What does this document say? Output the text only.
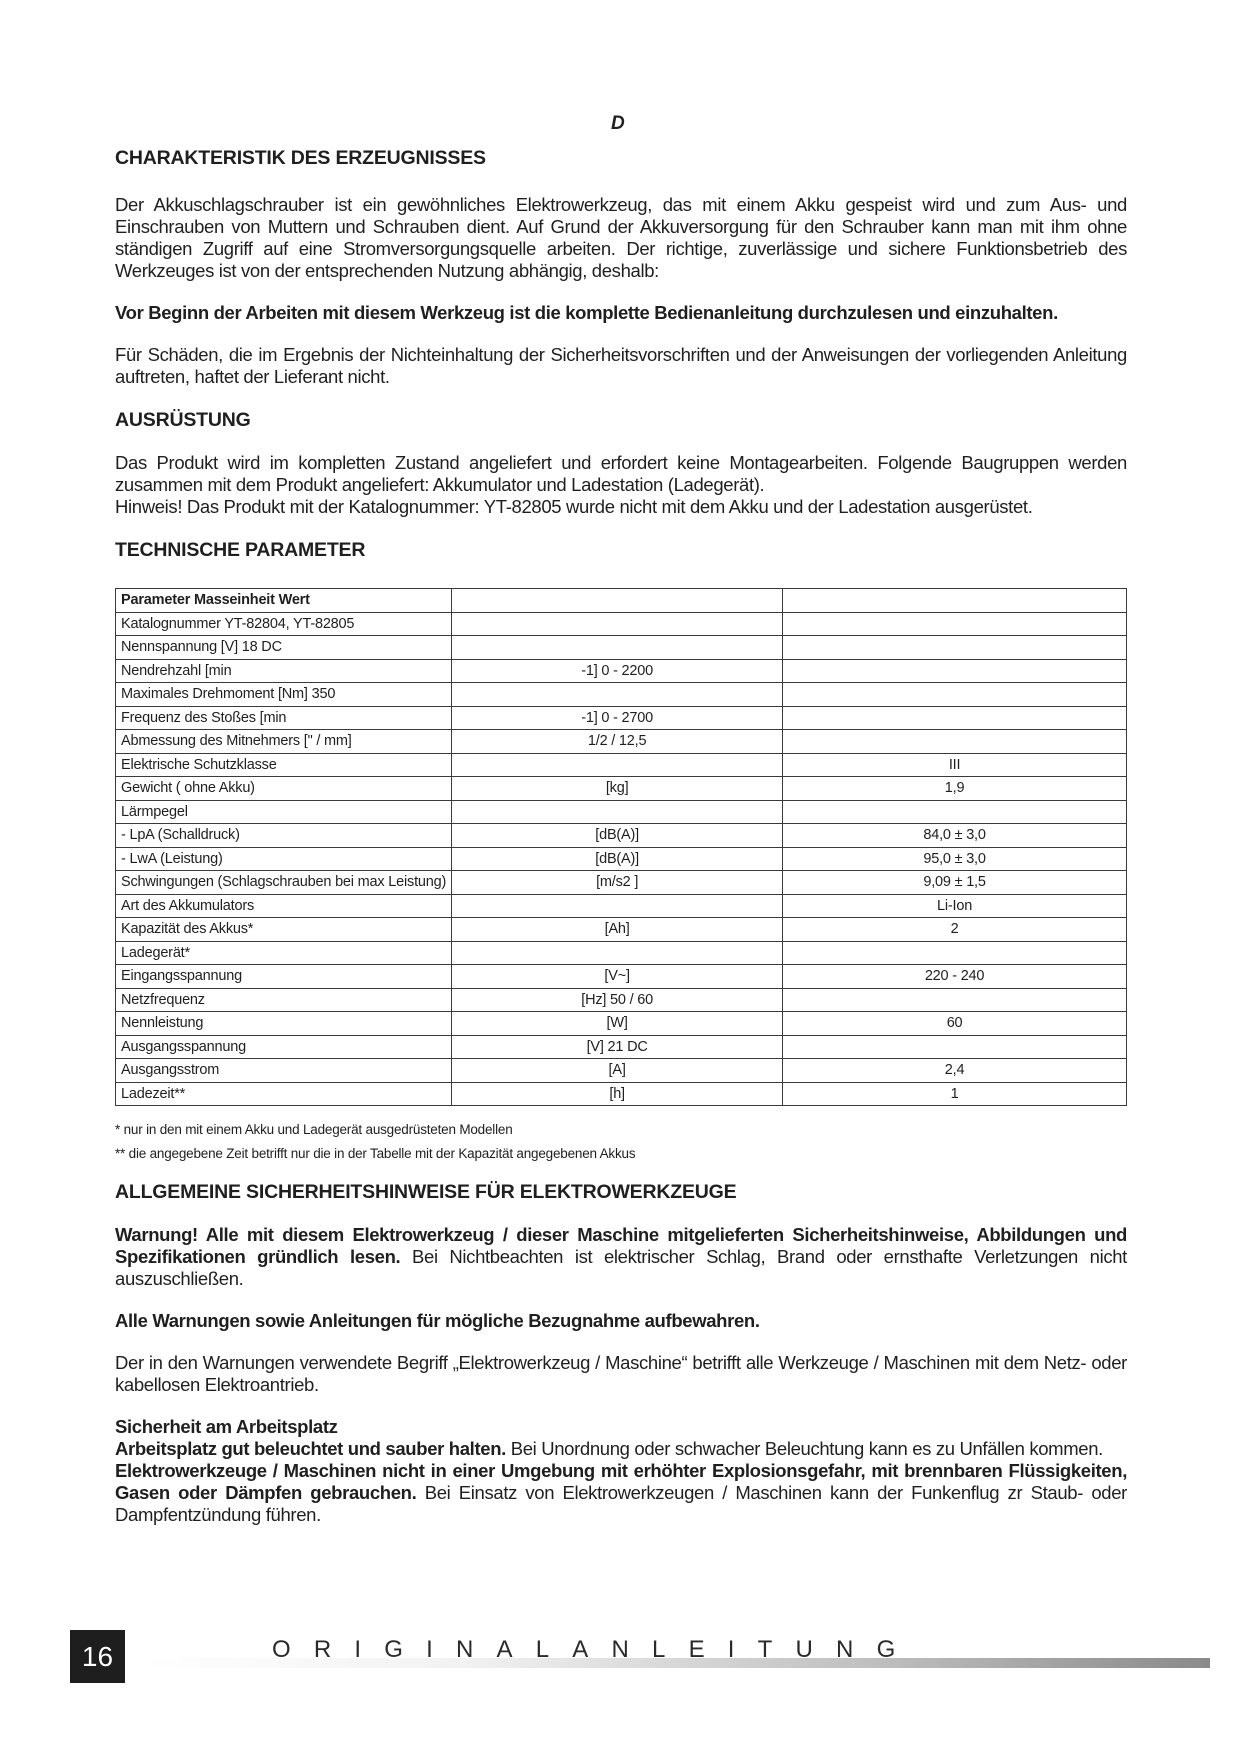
D
CHARAKTERISTIK DES ERZEUGNISSES

Der Akkuschlagschrauber ist ein gewöhnliches Elektrowerkzeug, das mit einem Akku gespeist wird und zum Aus- und Einschrauben von Muttern und Schrauben dient. Auf Grund der Akkuversorgung für den Schrauber kann man mit ihm ohne ständigen Zugriff auf eine Stromversorgungsquelle arbeiten. Der richtige, zuverlässige und sichere Funktionsbetrieb des Werkzeuges ist von der entsprechenden Nutzung abhängig, deshalb:

Vor Beginn der Arbeiten mit diesem Werkzeug ist die komplette Bedienanleitung durchzulesen und einzuhalten.

Für Schäden, die im Ergebnis der Nichteinhaltung der Sicherheitsvorschriften und der Anweisungen der vorliegenden Anleitung auftreten, haftet der Lieferant nicht.

AUSRÜSTUNG

Das Produkt wird im kompletten Zustand angeliefert und erfordert keine Montagearbeiten. Folgende Baugruppen werden zusammen mit dem Produkt angeliefert: Akkumulator und Ladestation (Ladegerät).

Hinweis! Das Produkt mit der Katalognummer: YT-82805 wurde nicht mit dem Akku und der Ladestation ausgerüstet.

TECHNISCHE PARAMETER
Parameter Masseinheit Wert		
Katalognummer YT-82804, YT-82805		
Nennspannung [V] 18 DC		
Nendrehzahl [min	-1] 0 - 2200	
Maximales Drehmoment [Nm] 350		
Frequenz des Stoßes [min	-1] 0 - 2700	
Abmessung des Mitnehmers [" / mm]	1/2 / 12,5	
Elektrische Schutzklasse		III
Gewicht ( ohne Akku)	[kg]	1,9
Lärmpegel		
- LpA (Schalldruck)	[dB(A)]	84,0 ± 3,0
- LwA (Leistung)	[dB(A)]	95,0 ± 3,0
Schwingungen (Schlagschrauben bei max Leistung)	[m/s2 ]	9,09 ± 1,5
Art des Akkumulators		Li-Ion
Kapazität des Akkus*	[Ah]	2
Ladegerät*		
Eingangsspannung	[V~]	220 - 240
Netzfrequenz	[Hz] 50 / 60	
Nennleistung	[W]	60
Ausgangsspannung	[V] 21 DC	
Ausgangsstrom	[A]	2,4
Ladezeit**	[h]	1
* nur in den mit einem Akku und Ladegerät ausgedrüsteten Modellen
** die angegebene Zeit betrifft nur die in der Tabelle mit der Kapazität angegebenen Akkus
ALLGEMEINE SICHERHEITSHINWEISE FÜR ELEKTROWERKZEUGE

Warnung! Alle mit diesem Elektrowerkzeug / dieser Maschine mitgelieferten Sicherheitshinweise, Abbildungen und Spezifikationen gründlich lesen. Bei Nichtbeachten ist elektrischer Schlag, Brand oder ernsthafte Verletzungen nicht auszuschließen.

Alle Warnungen sowie Anleitungen für mögliche Bezugnahme aufbewahren.

Der in den Warnungen verwendete Begriff „Elektrowerkzeug / Maschine“ betrifft alle Werkzeuge / Maschinen mit dem Netz- oder kabellosen Elektroantrieb.

Sicherheit am Arbeitsplatz

Arbeitsplatz gut beleuchtet und sauber halten. Bei Unordnung oder schwacher Beleuchtung kann es zu Unfällen kommen.

Elektrowerkzeuge / Maschinen nicht in einer Umgebung mit erhöhter Explosionsgefahr, mit brennbaren Flüssigkeiten, Gasen oder Dämpfen gebrauchen. Bei Einsatz von Elektrowerkzeugen / Maschinen kann der Funkenflug zr Staub- oder Dampfentzündung führen.

16	ORIGINALANLEITUNG
